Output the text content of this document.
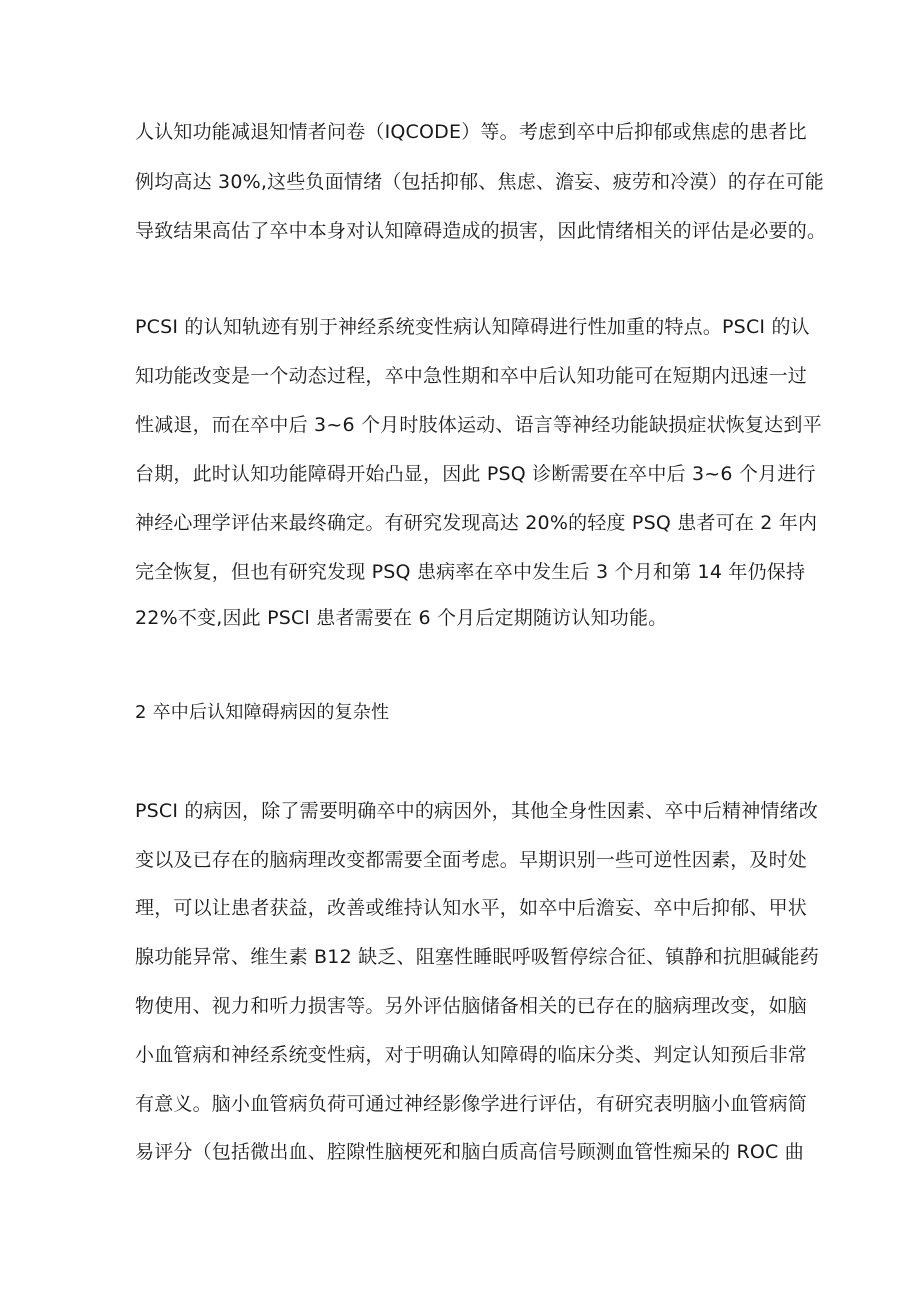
人认知功能减退知情者问卷（IQCODE）等。考虑到卒中后抑郁或焦虑的患者比

例均高达 30%,这些负面情绪（包括抑郁、焦虑、澹妄、疲劳和冷漠）的存在可能

导致结果高估了卒中本身对认知障碍造成的损害，因此情绪相关的评估是必要的。

PCSI 的认知轨迹有别于神经系统变性病认知障碍进行性加重的特点。PSCI 的认

知功能改变是一个动态过程，卒中急性期和卒中后认知功能可在短期内迅速一过

性减退，而在卒中后 3~6 个月时肢体运动、语言等神经功能缺损症状恢复达到平

台期，此时认知功能障碍开始凸显，因此 PSQ 诊断需要在卒中后 3~6 个月进行

神经心理学评估来最终确定。有研究发现高达 20%的轻度 PSQ 患者可在 2 年内

完全恢复，但也有研究发现 PSQ 患病率在卒中发生后 3 个月和第 14 年仍保持

22%不变,因此 PSCl 患者需要在 6 个月后定期随访认知功能。

2 卒中后认知障碍病因的复杂性

PSCI 的病因，除了需要明确卒中的病因外，其他全身性因素、卒中后精神情绪改

变以及已存在的脑病理改变都需要全面考虑。早期识别一些可逆性因素，及时处

理，可以让患者获益，改善或维持认知水平，如卒中后澹妄、卒中后抑郁、甲状

腺功能异常、维生素 B12 缺乏、阻塞性睡眠呼吸暂停综合征、镇静和抗胆碱能药

物使用、视力和听力损害等。另外评估脑储备相关的已存在的脑病理改变，如脑

小血管病和神经系统变性病，对于明确认知障碍的临床分类、判定认知预后非常

有意义。脑小血管病负荷可通过神经影像学进行评估，有研究表明脑小血管病简

易评分（包括微出血、腔隙性脑梗死和脑白质高信号顾测血管性痴呆的 ROC 曲
